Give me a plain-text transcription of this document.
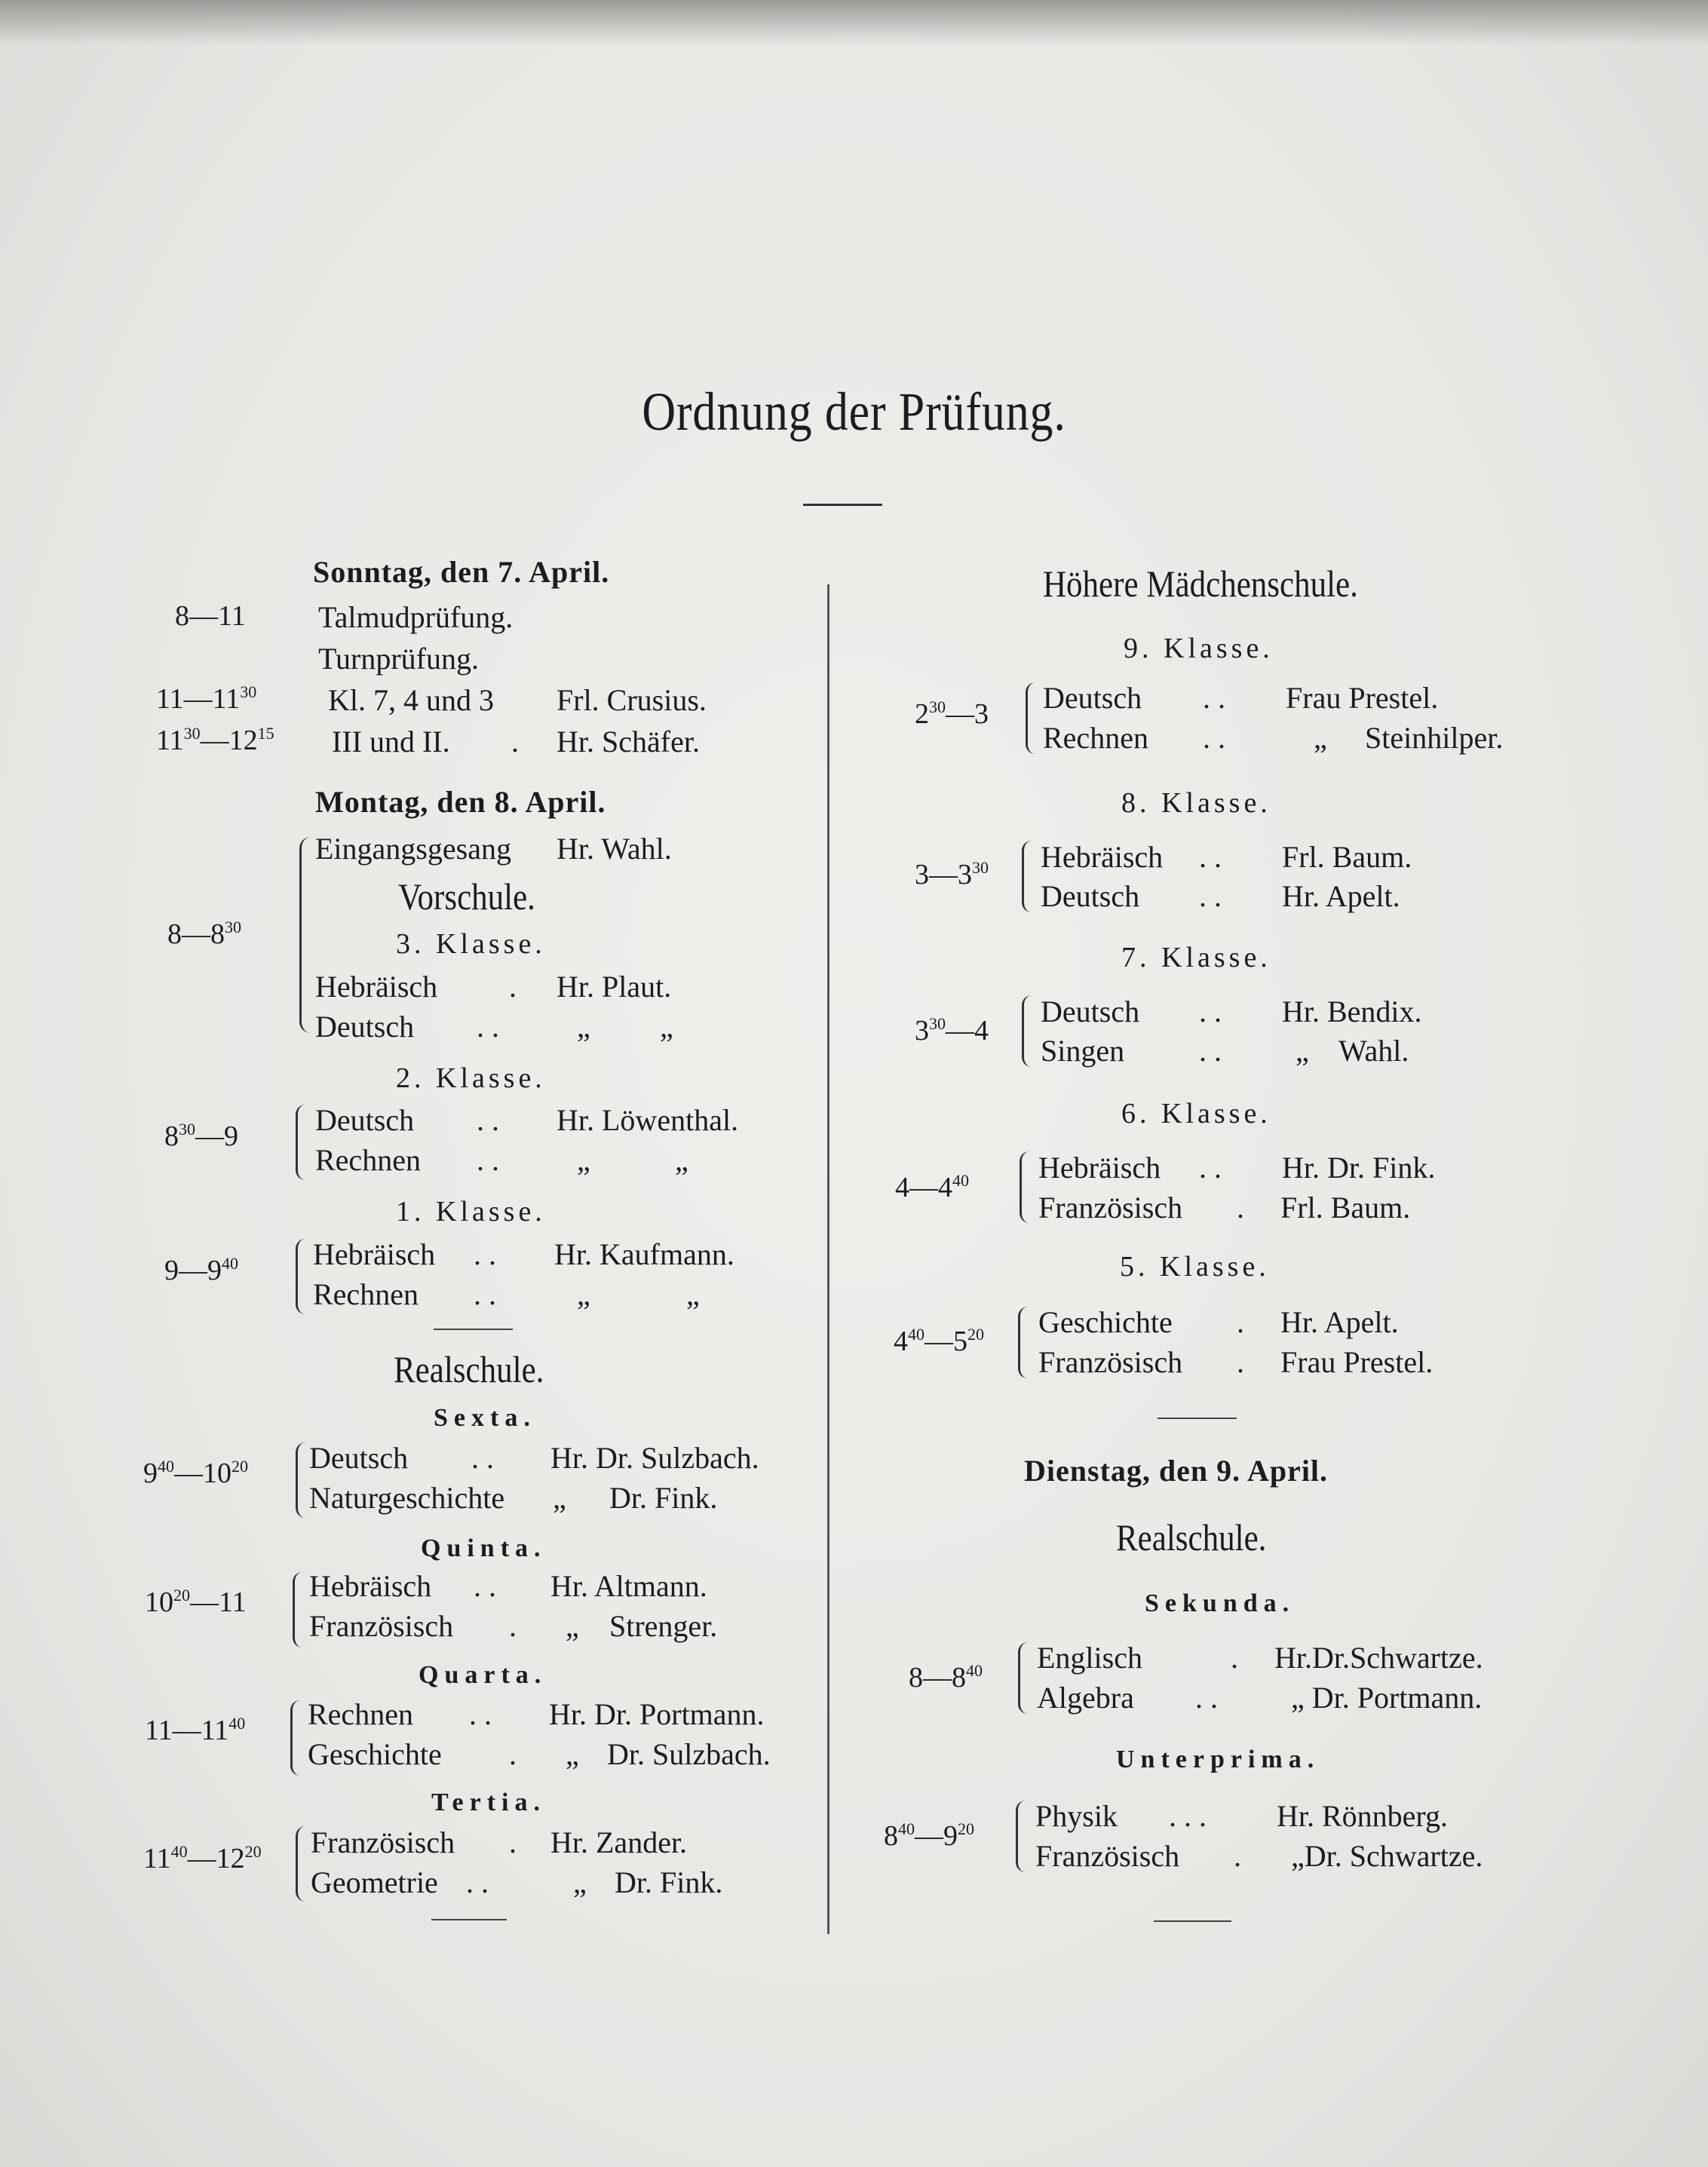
Ordnung der Prüfung.
Sonntag, den 7. April.
8—11 Talmudprüfung.
Turnprüfung.
$11—11^{30}$ Kl. 7, 4 und 3 Frl. Crusius.
$11^{30}—12^{15}$ III und II. . Hr. Schäfer.
Montag, den 8. April.
$8—8^{30}$
Eingangsgesang Hr. Wahl.
Vorschule.
3. Klasse.
Hebräisch . Hr. Plaut.
Deutsch . .	„ „
2. Klasse.
$8^{30}—9$	Deutsch . . Hr. Löwenthal.
Rechnen . .	„	„
1. Klasse.
$9—9^{40}$ Hebräisch . . Hr. Kaufmann.
Rechnen . .	„	„
Realschule.
Sexta.
$9^{40}—10^{20}$ Deutsch . . Hr. Dr. Sulzbach.
Naturgeschichte „ Dr. Fink.
Quinta.
$10^{20}—11$ Hebräisch . . Hr. Altmann.
Französisch . „ Strenger.
Quarta.
$11—11^{40}$ Rechnen . . Hr. Dr. Portmann.
Geschichte . „ Dr. Sulzbach.
Tertia.
$11^{40}—12^{20}$ Französisch . Hr. Zander.
Geometrie . .	„ Dr. Fink.
Höhere Mädchenschule.
9. Klasse.
$2^{30}—3$ Deutsch . . Frau Prestel.
Rechnen . .	„ Steinhilper.
8. Klasse.
$3—3^{30}$ Hebräisch . . Frl. Baum.
Deutsch . . Hr. Apelt.
7. Klasse.
$3^{30}—4$
Deutsch . . Hr. Bendix.
Singen . . „ Wahl.
6. Klasse.
$4—4^{40}$ Hebräisch . . Hr. Dr. Fink.
Französisch . Frl. Baum.
5. Klasse.
$4^{40}—5^{20}$ Geschichte . Hr. Apelt.
Französisch . Frau Prestel.
Dienstag, den 9. April.
Realschule.
Sekunda.
$8—8^{40}$ Englisch	. Hr.Dr.Schwartze.
Algebra . . „ Dr. Portmann.
Unterprima.
$8^{40}—9^{20}$ Physik . . . Hr. Rönnberg.
Französisch . „Dr. Schwartze.
